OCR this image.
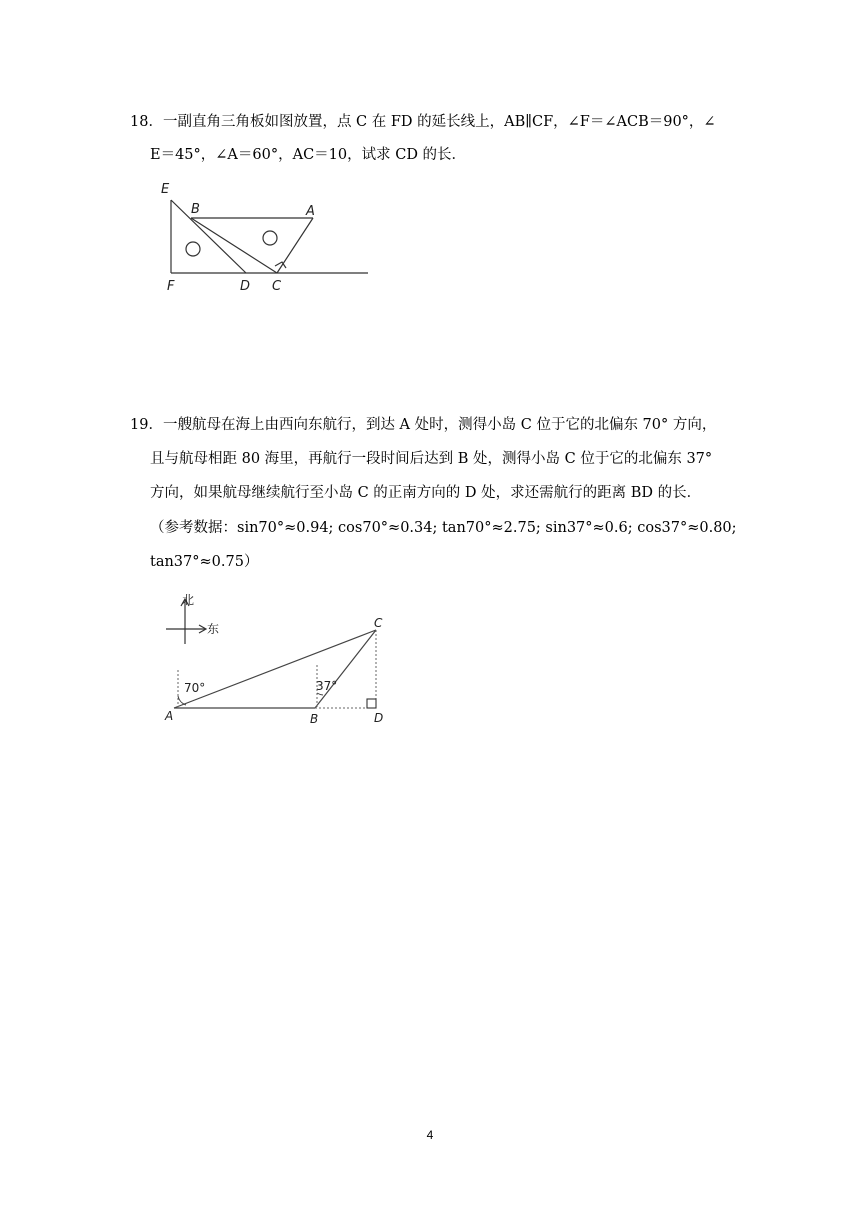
18．一副直角三角板如图放置，点 C 在 FD 的延长线上，AB∥CF，∠F＝∠ACB＝90°，∠
E＝45°，∠A＝60°，AC＝10，试求 CD 的长．
E
B	A
F	D C
19．一艘航母在海上由西向东航行，到达 A 处时，测得小岛 C 位于它的北偏东 70° 方向，
且与航母相距 80 海里，再航行一段时间后达到 B 处，测得小岛 C 位于它的北偏东 37°
方向，如果航母继续航行至小岛 C 的正南方向的 D 处，求还需航行的距离 BD 的长．
（参考数据：sin70°≈0.94; cos70°≈0.34; tan70°≈2.75; sin37°≈0.6; cos37°≈0.80;
tan37°≈0.75）
北
东
70°	37°
A	B
C
D
4
